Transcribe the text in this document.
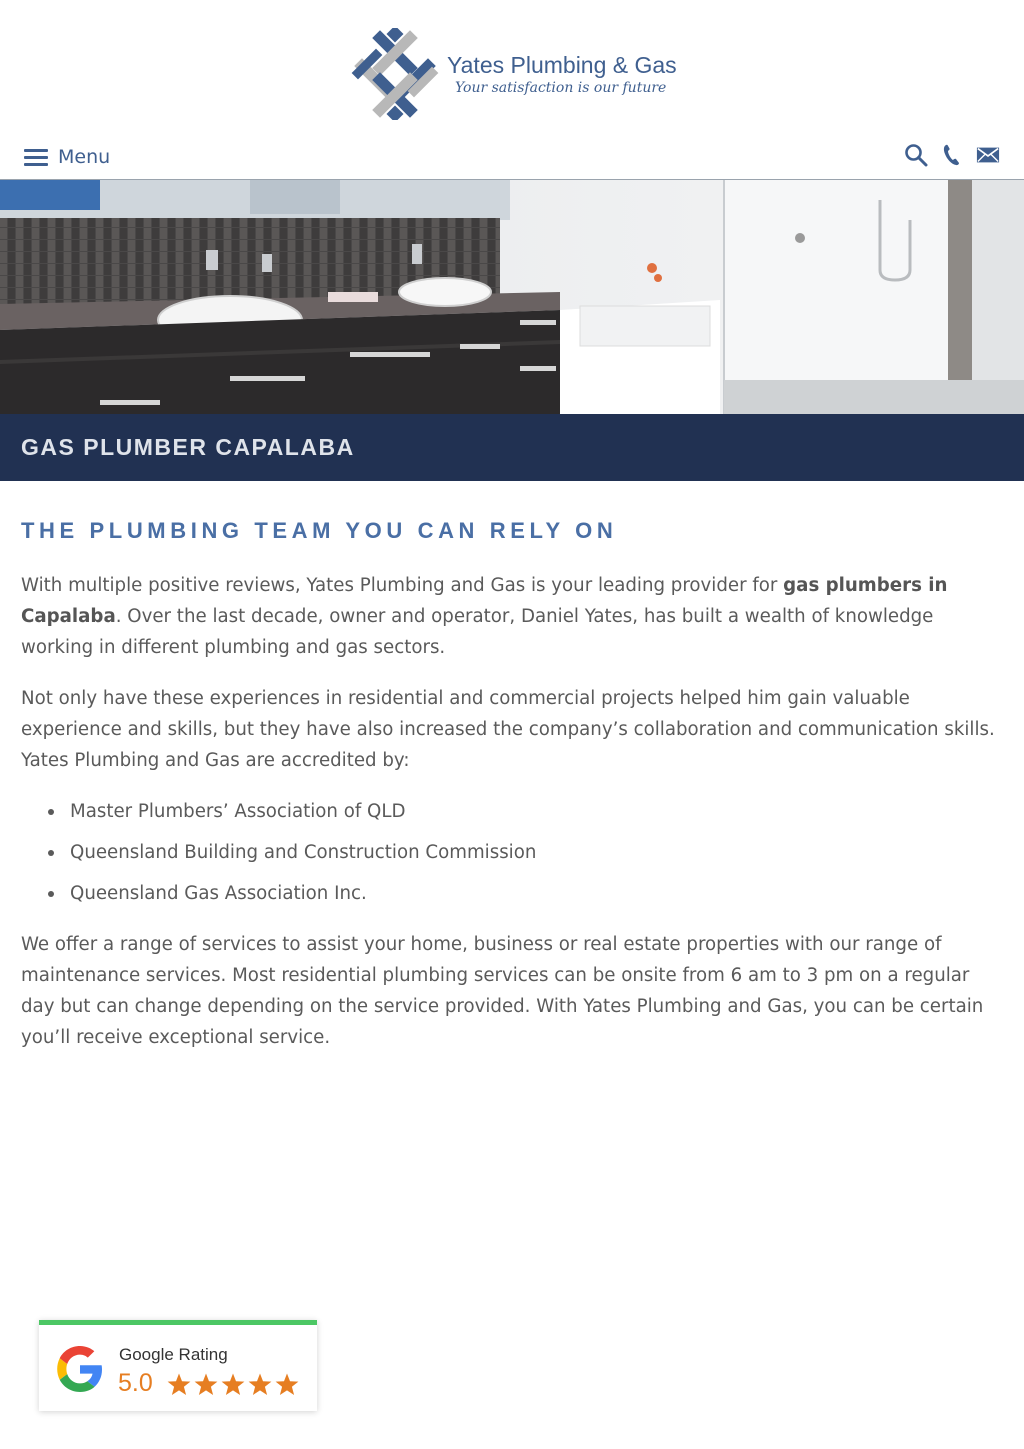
Yates Plumbing & Gas
Your satisfaction is our future
Menu
GAS PLUMBER CAPALABA
THE PLUMBING TEAM YOU CAN RELY ON

With multiple positive reviews, Yates Plumbing and Gas is your leading provider for gas plumbers in Capalaba. Over the last decade, owner and operator, Daniel Yates, has built a wealth of knowledge working in different plumbing and gas sectors.

Not only have these experiences in residential and commercial projects helped him gain valuable experience and skills, but they have also increased the company’s collaboration and communication skills. Yates Plumbing and Gas are accredited by:

Master Plumbers’ Association of QLD
Queensland Building and Construction Commission
Queensland Gas Association Inc.

We offer a range of services to assist your home, business or real estate properties with our range of maintenance services. Most residential plumbing services can be onsite from 6 am to 3 pm on a regular day but can change depending on the service provided. With Yates Plumbing and Gas, you can be certain you’ll receive exceptional service.

Google Rating
5.0
